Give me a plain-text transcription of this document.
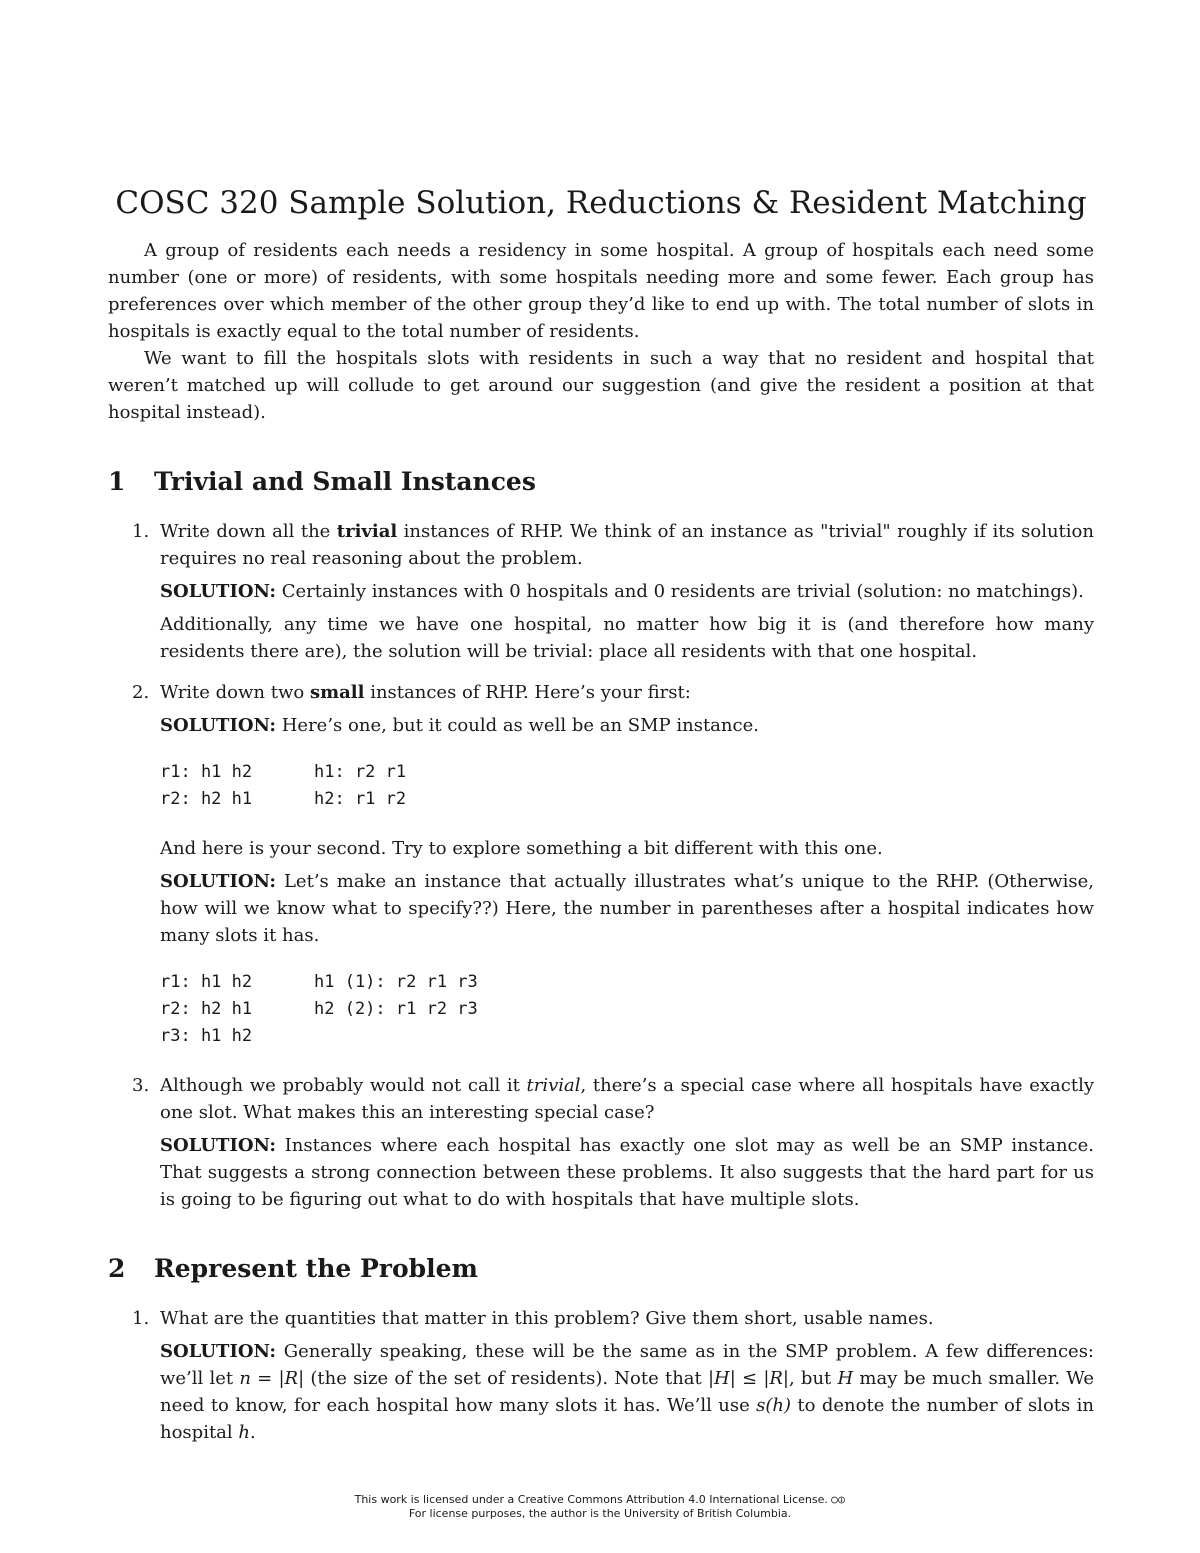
COSC 320 Sample Solution, Reductions & Resident Matching

A group of residents each needs a residency in some hospital. A group of hospitals each need some number (one or more) of residents, with some hospitals needing more and some fewer. Each group has preferences over which member of the other group they’d like to end up with. The total number of slots in hospitals is exactly equal to the total number of residents.

We want to fill the hospitals slots with residents in such a way that no resident and hospital that weren’t matched up will collude to get around our suggestion (and give the resident a position at that hospital instead).

1 Trivial and Small Instances
1. Write down all the trivial instances of RHP. We think of an instance as "trivial" roughly if its solution requires no real reasoning about the problem.

SOLUTION: Certainly instances with 0 hospitals and 0 residents are trivial (solution: no matchings).

Additionally, any time we have one hospital, no matter how big it is (and therefore how many residents there are), the solution will be trivial: place all residents with that one hospital.

2. Write down two small instances of RHP. Here’s your first:

SOLUTION: Here’s one, but it could as well be an SMP instance.

r1: h1 h2	h1: r2 r1
r2: h2 h1	h2: r1 r2

And here is your second. Try to explore something a bit different with this one.

SOLUTION: Let’s make an instance that actually illustrates what’s unique to the RHP. (Otherwise, how will we know what to specify??) Here, the number in parentheses after a hospital indicates how many slots it has.

r1: h1 h2	h1 (1): r2 r1 r3
r2: h2 h1	h2 (2): r1 r2 r3
r3: h1 h2
3. Although we probably would not call it trivial, there’s a special case where all hospitals have exactly one slot. What makes this an interesting special case?

SOLUTION: Instances where each hospital has exactly one slot may as well be an SMP instance. That suggests a strong connection between these problems. It also suggests that the hard part for us is going to be figuring out what to do with hospitals that have multiple slots.

2 Represent the Problem
1. What are the quantities that matter in this problem? Give them short, usable names.

SOLUTION: Generally speaking, these will be the same as in the SMP problem. A few differences: we’ll let n = |R| (the size of the set of residents). Note that |H| ≤ |R|, but H may be much smaller. We need to know, for each hospital how many slots it has. We’ll use s(h) to denote the number of slots in hospital h.

This work is licensed under a Creative Commons Attribution 4.0 International License.
For license purposes, the author is the University of British Columbia.
